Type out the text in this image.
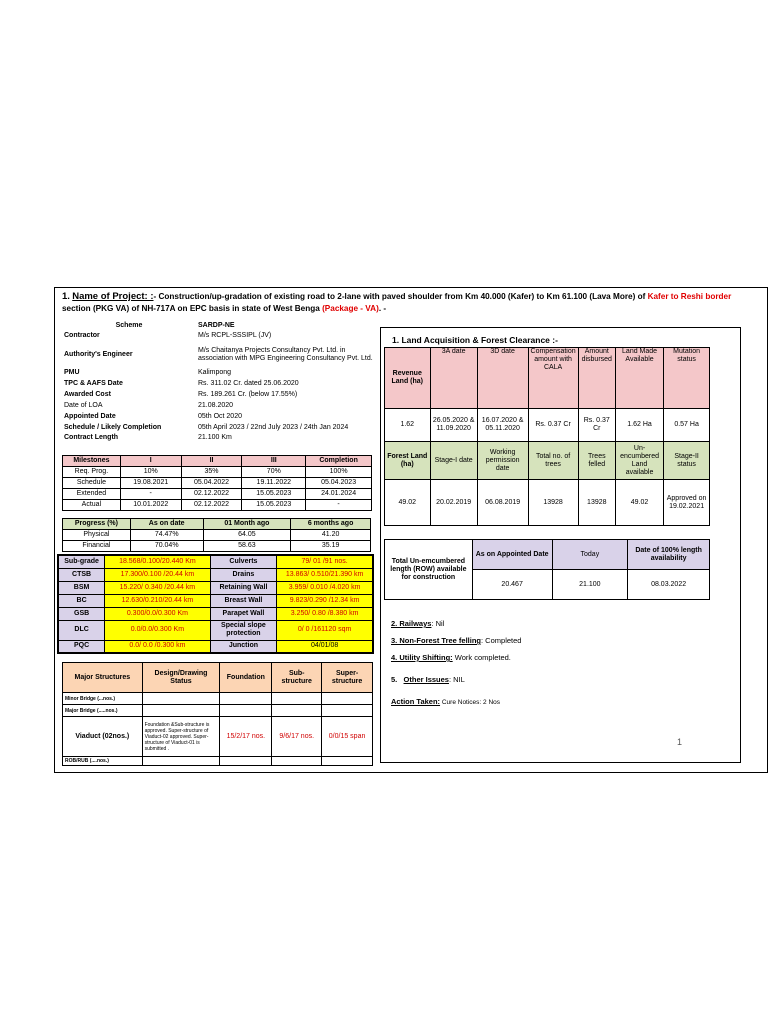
1. Name of Project: :- Construction/up-gradation of existing road to 2-lane with paved shoulder from Km 40.000 (Kafer) to Km 61.100 (Lava More) of Kafer to Reshi border section (PKG VA) of NH-717A on EPC basis in state of West Benga (Package - VA). -
Scheme	SARDP-NE
Contractor	M/s RCPL-SSSIPL (JV)
Authority's Engineer	M/s Chaitanya Projects Consultancy Pvt. Ltd. in association with MPG Engineering Consultancy Pvt. Ltd.
PMU	Kalimpong
TPC & AAFS Date	Rs. 311.02 Cr. dated 25.06.2020
Awarded Cost	Rs. 189.261 Cr. (below 17.55%)
Date of LOA	21.08.2020
Appointed Date	05th Oct 2020
Schedule / Likely Completion	05th April 2023 / 22nd July 2023 / 24th Jan 2024
Contract Length	21.100 Km
Milestones	I	II	III	Completion
Req. Prog.	10%	35%	70%	100%
Schedule	19.08.2021	05.04.2022	19.11.2022	05.04.2023
Extended	-	02.12.2022	15.05.2023	24.01.2024
Actual	10.01.2022	02.12.2022	15.05.2023	-
Progress (%)	As on date	01 Month ago	6 months ago
Physical	74.47%	64.05	41.20
Financial	70.04%	58.63	35.19
Sub-grade	18.568/0.100/20.440 Km	Culverts	79/ 01 /91 nos.
CTSB	17.300/0.100 /20.44 km	Drains	13.863/ 0.510/21.390 km
BSM	15.220/ 0.340 /20.44 km	Retaining Wall	3.959/ 0.010 /4.020 km
BC	12.630/0.210/20.44 km	Breast Wall	9.823/0.290 /12.34 km
GSB	0.300/0.0/0.300 Km	Parapet Wall	3.250/ 0.80 /8.380 km
DLC	0.0/0.0/0.300 Km	Special slope protection	0/ 0 /161120 sqm
PQC	0.0/ 0.0 /0.300 km	Junction	04/01/08
Major Structures	Design/Drawing Status	Foundation	Sub-structure	Super-structure
Minor Bridge (...nos.)				
Major Bridge (.....nos.)				
Viaduct (02nos.)	Foundation &Sub-structure is approved. Super-structure of Viaduct-02 approved. Super-structure of Viaduct-01 is submitted .	15/2/17 nos.	9/6/17 nos.	0/0/15 span
ROB/RUB (....nos.)				
1. Land Acquisition & Forest Clearance :-
Revenue Land (ha)	3A date	3D date	Compensation amount with CALA	Amount disbursed	Land Made Available	Mutation status
1.62	26.05.2020 & 11.09.2020	16.07.2020 & 05.11.2020	Rs. 0.37 Cr	Rs. 0.37 Cr	1.62 Ha	0.57 Ha
Forest Land (ha)	Stage-I date	Working permission date	Total no. of trees	Trees felled	Un-encumbered Land available	Stage-II status
49.02	20.02.2019	06.08.2019	13928	13928	49.02	Approved on 19.02.2021
Total Un-emcumbered length (ROW) available for construction	As on Appointed Date	Today	Date of 100% length availability
	20.467	21.100	08.03.2022
2. Railways: Nil
3. Non-Forest Tree felling: Completed
4. Utility Shifting: Work completed.
5. Other Issues: NIL
Action Taken: Cure Notices: 2 Nos
1
